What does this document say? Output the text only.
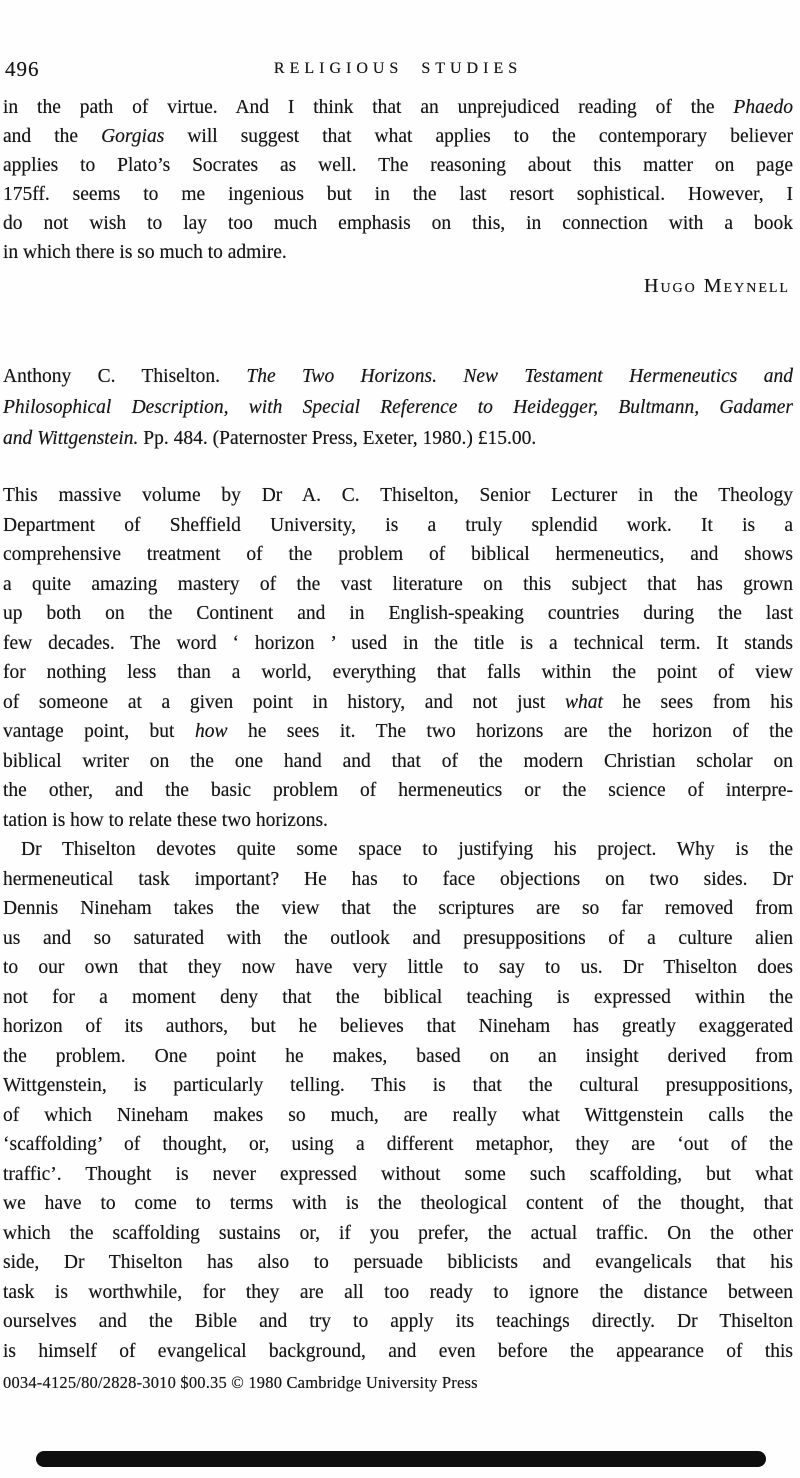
496	RELIGIOUS STUDIES
in the path of virtue. And I think that an unprejudiced reading of the Phaedo
and the Gorgias will suggest that what applies to the contemporary believer
applies to Plato’s Socrates as well. The reasoning about this matter on page
175ff. seems to me ingenious but in the last resort sophistical. However, I
do not wish to lay too much emphasis on this, in connection with a book
in which there is so much to admire.
Hugo Meynell
Anthony C. Thiselton. The Two Horizons. New Testament Hermeneutics and
Philosophical Description, with Special Reference to Heidegger, Bultmann, Gadamer
and Wittgenstein. Pp. 484. (Paternoster Press, Exeter, 1980.) £15.00.
This massive volume by Dr A. C. Thiselton, Senior Lecturer in the Theology
Department of Sheffield University, is a truly splendid work. It is a
comprehensive treatment of the problem of biblical hermeneutics, and shows
a quite amazing mastery of the vast literature on this subject that has grown
up both on the Continent and in English-speaking countries during the last
few decades. The word ‘ horizon ’ used in the title is a technical term. It stands
for nothing less than a world, everything that falls within the point of view
of someone at a given point in history, and not just what he sees from his
vantage point, but how he sees it. The two horizons are the horizon of the
biblical writer on the one hand and that of the modern Christian scholar on
the other, and the basic problem of hermeneutics or the science of interpre-
tation is how to relate these two horizons.
Dr Thiselton devotes quite some space to justifying his project. Why is the
hermeneutical task important? He has to face objections on two sides. Dr
Dennis Nineham takes the view that the scriptures are so far removed from
us and so saturated with the outlook and presuppositions of a culture alien
to our own that they now have very little to say to us. Dr Thiselton does
not for a moment deny that the biblical teaching is expressed within the
horizon of its authors, but he believes that Nineham has greatly exaggerated
the problem. One point he makes, based on an insight derived from
Wittgenstein, is particularly telling. This is that the cultural presuppositions,
of which Nineham makes so much, are really what Wittgenstein calls the
‘scaffolding’ of thought, or, using a different metaphor, they are ‘out of the
traffic’. Thought is never expressed without some such scaffolding, but what
we have to come to terms with is the theological content of the thought, that
which the scaffolding sustains or, if you prefer, the actual traffic. On the other
side, Dr Thiselton has also to persuade biblicists and evangelicals that his
task is worthwhile, for they are all too ready to ignore the distance between
ourselves and the Bible and try to apply its teachings directly. Dr Thiselton
is himself of evangelical background, and even before the appearance of this
0034-4125/80/2828-3010 $00.35 © 1980 Cambridge University Press
